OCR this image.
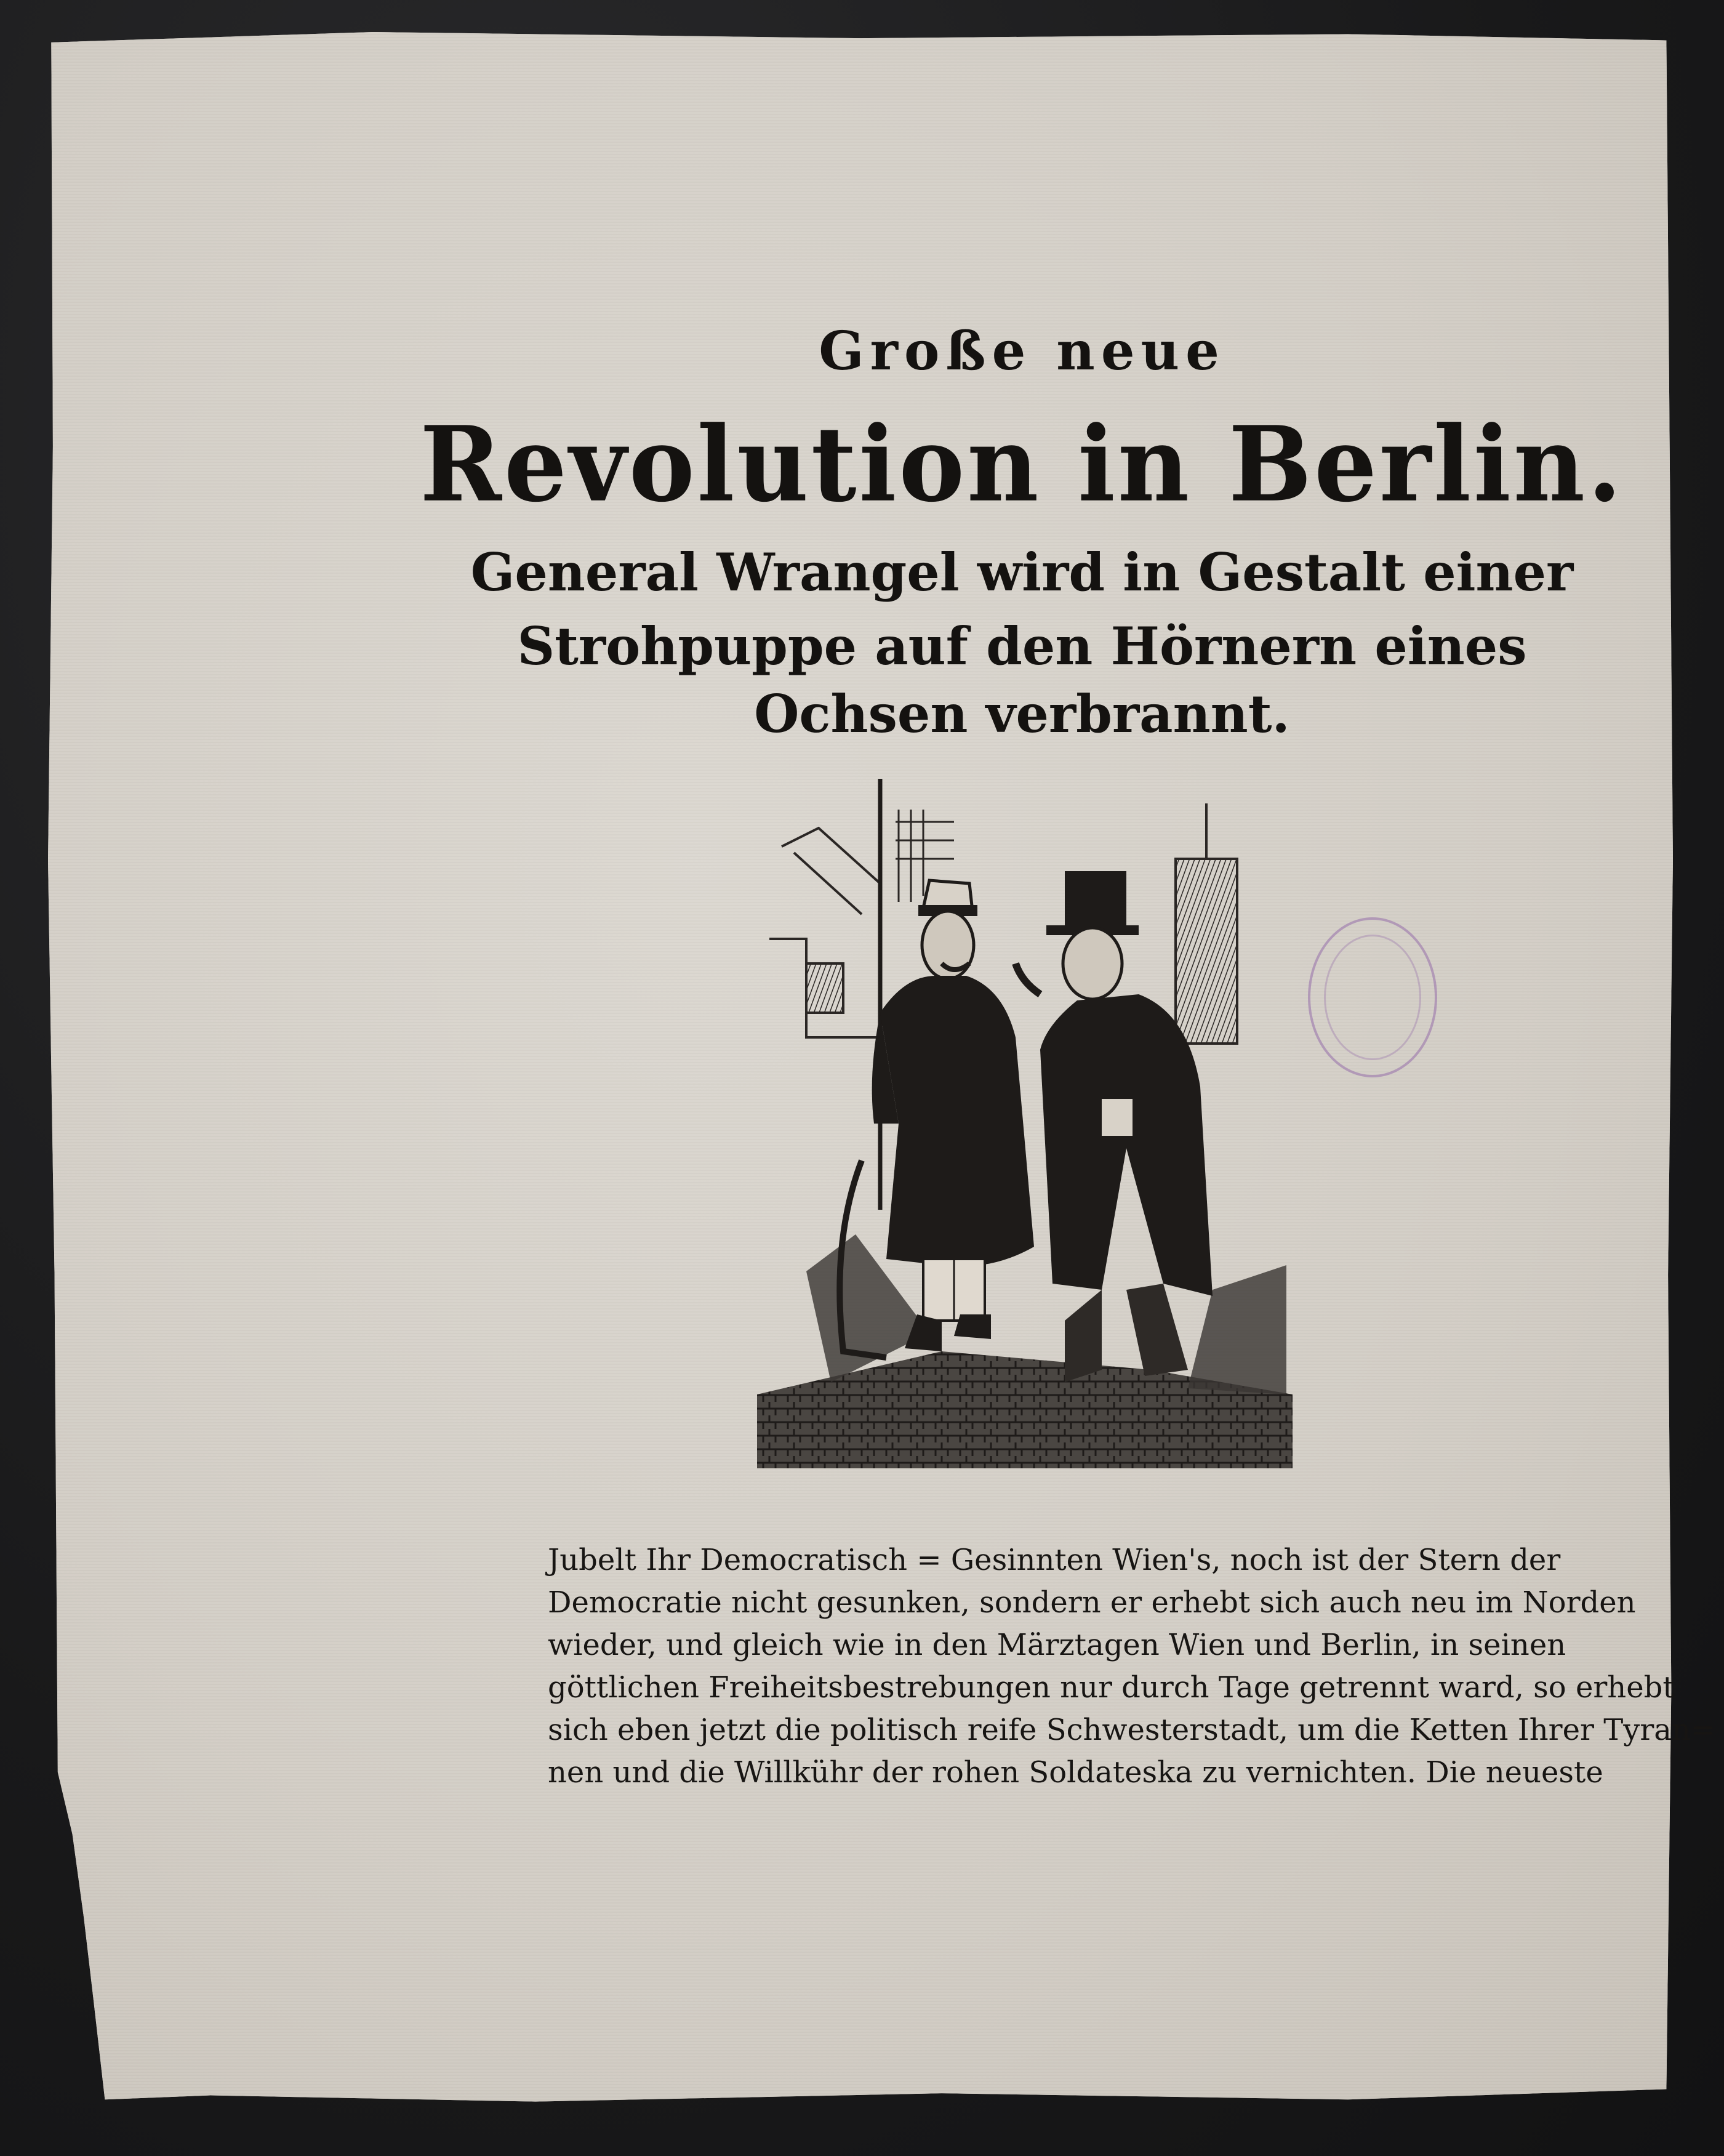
Große neue
Revolution in Berlin.
General Wrangel wird in Gestalt einer
Strohpuppe auf den Hörnern eines
Ochsen verbrannt.
Jubelt Ihr Democratisch = Gesinnten Wien's, noch ist der Stern der
Democratie nicht gesunken, sondern er erhebt sich auch neu im Norden
wieder, und gleich wie in den Märztagen Wien und Berlin, in seinen
göttlichen Freiheitsbestrebungen nur durch Tage getrennt ward, so erhebt
sich eben jetzt die politisch reife Schwesterstadt, um die Ketten Ihrer Tyran=
nen und die Willkühr der rohen Soldateska zu vernichten. Die neueste
